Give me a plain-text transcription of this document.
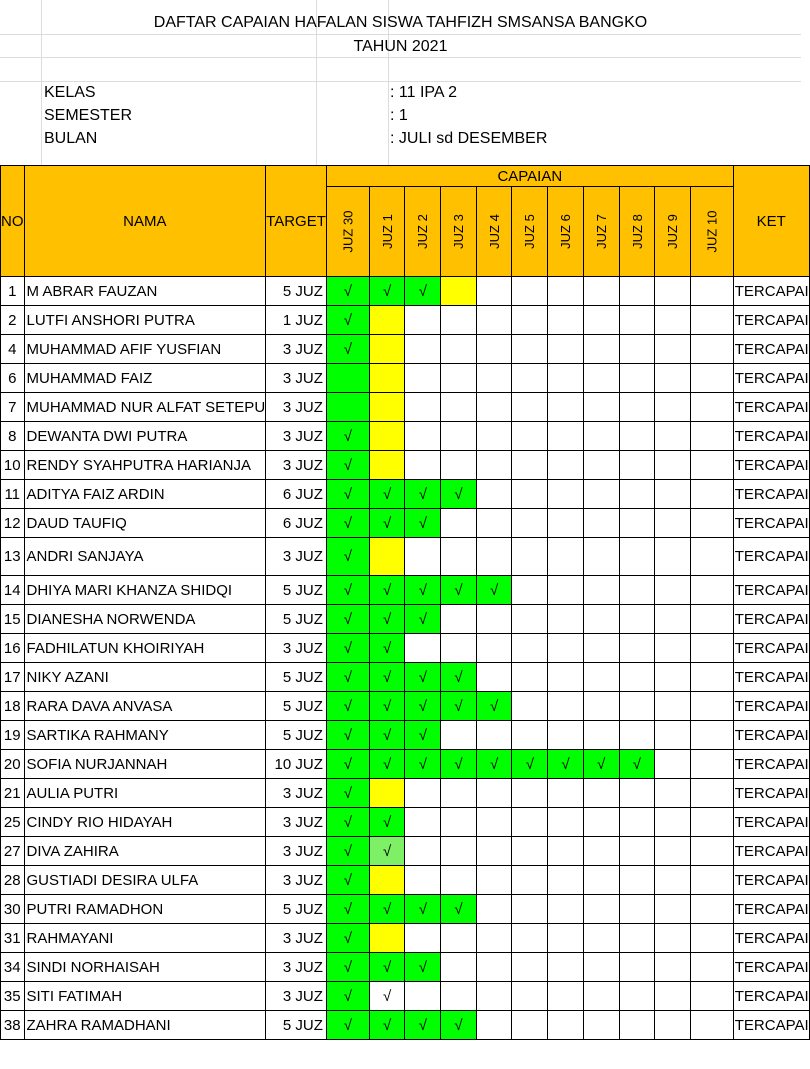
DAFTAR CAPAIAN HAFALAN SISWA TAHFIZH SMSANSA BANGKO
TAHUN 2021
KELAS	: 11 IPA 2
SEMESTER	: 1
BULAN	: JULI sd DESEMBER
NO	NAMA	TARGET	CAPAIAN											KET
			JUZ 30	JUZ 1	JUZ 2	JUZ 3	JUZ 4	JUZ 5	JUZ 6	JUZ 7	JUZ 8	JUZ 9	JUZ 10	
1	M ABRAR FAUZAN	5 JUZ	√	√	√									TERCAPAI
2	LUTFI ANSHORI PUTRA	1 JUZ	√											TERCAPAI
4	MUHAMMAD AFIF YUSFIAN	3 JUZ	√											TERCAPAI
6	MUHAMMAD FAIZ	3 JUZ												TERCAPAI
7	MUHAMMAD NUR ALFAT SETEPU	3 JUZ												TERCAPAI
8	DEWANTA DWI PUTRA	3 JUZ	√											TERCAPAI
10	RENDY SYAHPUTRA HARIANJA	3 JUZ	√											TERCAPAI
11	ADITYA FAIZ ARDIN	6 JUZ	√	√	√	√								TERCAPAI
12	DAUD TAUFIQ	6 JUZ	√	√	√									TERCAPAI
13	ANDRI SANJAYA	3 JUZ	√											TERCAPAI
14	DHIYA MARI KHANZA SHIDQI	5 JUZ	√	√	√	√	√							TERCAPAI
15	DIANESHA NORWENDA	5 JUZ	√	√	√									TERCAPAI
16	FADHILATUN KHOIRIYAH	3 JUZ	√	√										TERCAPAI
17	NIKY AZANI	5 JUZ	√	√	√	√								TERCAPAI
18	RARA DAVA ANVASA	5 JUZ	√	√	√	√	√							TERCAPAI
19	SARTIKA RAHMANY	5 JUZ	√	√	√									TERCAPAI
20	SOFIA NURJANNAH	10 JUZ	√	√	√	√	√	√	√	√	√			TERCAPAI
21	AULIA PUTRI	3 JUZ	√											TERCAPAI
25	CINDY RIO HIDAYAH	3 JUZ	√	√										TERCAPAI
27	DIVA ZAHIRA	3 JUZ	√	√										TERCAPAI
28	GUSTIADI DESIRA ULFA	3 JUZ	√											TERCAPAI
30	PUTRI RAMADHON	5 JUZ	√	√	√	√								TERCAPAI
31	RAHMAYANI	3 JUZ	√											TERCAPAI
34	SINDI NORHAISAH	3 JUZ	√	√	√									TERCAPAI
35	SITI FATIMAH	3 JUZ	√	√										TERCAPAI
38	ZAHRA RAMADHANI	5 JUZ	√	√	√	√								TERCAPAI
